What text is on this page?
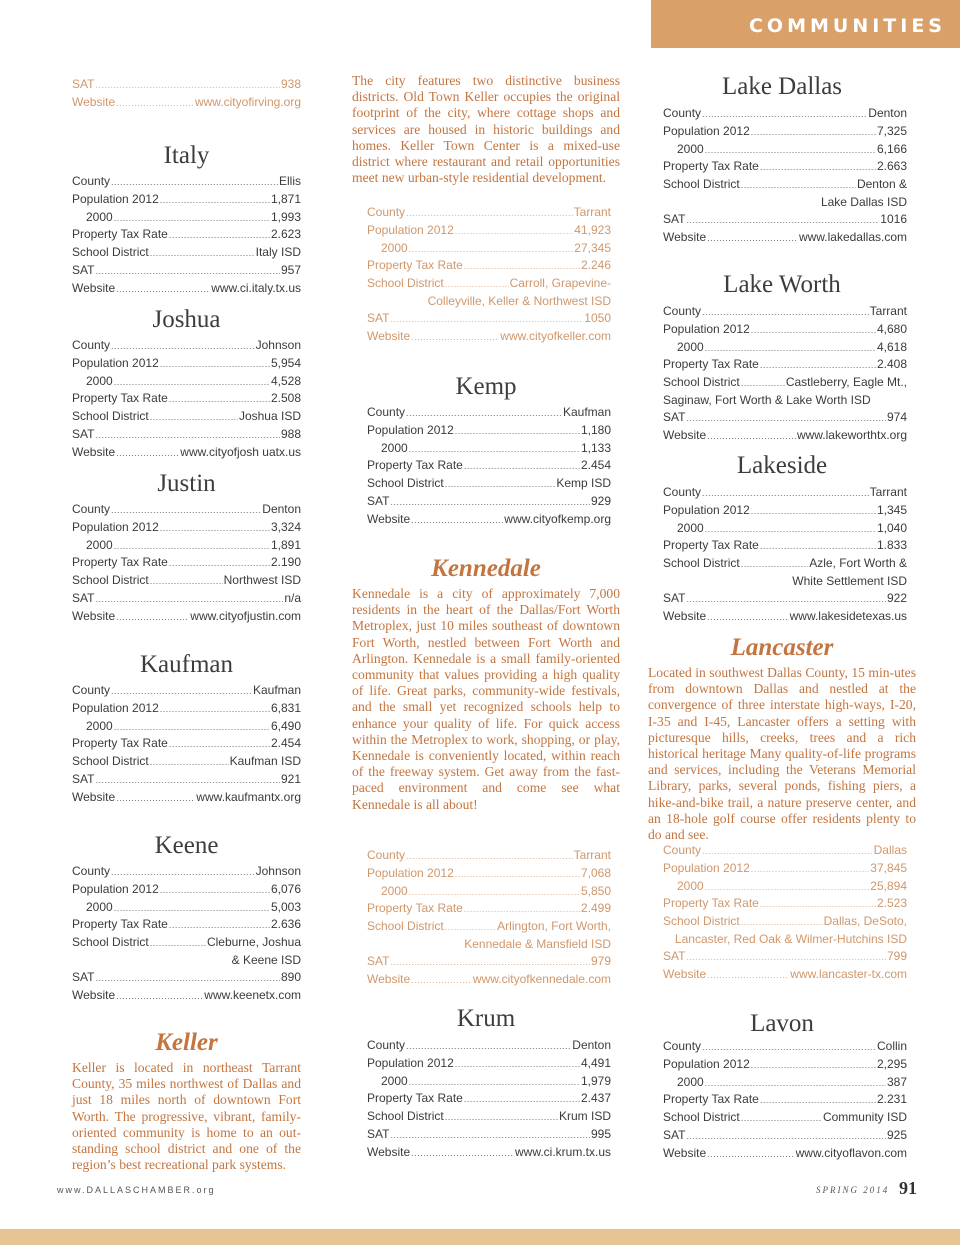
COMMUNITIES
SAT .....	938
Website .....	www.cityofirving.org
Italy
County .....	Ellis
Population 2012 .....	1,871
2000 .....	1,993
Property Tax Rate .....	2.623
School District .....	Italy ISD
SAT .....	957
Website .....	www.ci.italy.tx.us
Joshua
County .....	Johnson
Population 2012 .....	5,954
2000 .....	4,528
Property Tax Rate .....	2.508
School District .....	Joshua ISD
SAT .....	988
Website .....	www.cityofjosh uatx.us
Justin
County .....	Denton
Population 2012 .....	3,324
2000 .....	1,891
Property Tax Rate .....	2.190
School District .....	Northwest ISD
SAT .....	n/a
Website .....	www.cityofjustin.com
Kaufman
County .....	Kaufman
Population 2012 .....	6,831
2000 .....	6,490
Property Tax Rate .....	2.454
School District .....	Kaufman ISD
SAT .....	921
Website .....	www.kaufmantx.org
Keene
County .....	Johnson
Population 2012 .....	6,076
2000 .....	5,003
Property Tax Rate .....	2.636
School District .....	Cleburne, Joshua
& Keene ISD
SAT .....	890
Website .....	www.keenetx.com
Keller
Keller is located in northeast Tarrant County, 35 miles northwest of Dallas and just 18 miles north of downtown Fort Worth. The progressive, vibrant, family-oriented community is home to an out-standing school district and one of the region’s best recreational park systems.
The city features two distinctive business districts. Old Town Keller occupies the original footprint of the city, where cottage shops and services are housed in historic buildings and homes. Keller Town Center is a mixed-use district where restaurant and retail opportunities meet new urban-style residential development.
County .....	Tarrant
Population 2012 .....	41,923
2000 .....	27,345
Property Tax Rate .....	2.246
School District .....	Carroll, Grapevine-
Colleyville, Keller & Northwest ISD
SAT .....	1050
Website .....	www.cityofkeller.com
Kemp
County .....	Kaufman
Population 2012 .....	1,180
2000 .....	1,133
Property Tax Rate .....	2.454
School District .....	Kemp ISD
SAT .....	929
Website .....	www.cityofkemp.org
Kennedale
Kennedale is a city of approximately 7,000 residents in the heart of the Dallas/Fort Worth Metroplex, just 10 miles southeast of downtown Fort Worth, nestled between Fort Worth and Arlington. Kennedale is a small family-oriented community that values providing a high quality of life. Great parks, community-wide festivals, and the small yet recognized schools help to enhance your quality of life. For quick access within the Metroplex to work, shopping, or play, Kennedale is conveniently located, within reach of the freeway system. Get away from the fast-paced environment and come see what Kennedale is all about!
County .....	Tarrant
Population 2012 .....	7,068
2000 .....	5,850
Property Tax Rate .....	2.499
School District .....	Arlington, Fort Worth,
Kennedale & Mansfield ISD
SAT .....	979
Website .....	www.cityofkennedale.com
Krum
County .....	Denton
Population 2012 .....	4,491
2000 .....	1,979
Property Tax Rate .....	2.437
School District .....	Krum ISD
SAT .....	995
Website .....	www.ci.krum.tx.us
Lake Dallas
County .....	Denton
Population 2012 .....	7,325
2000 .....	6,166
Property Tax Rate .....	2.663
School District .....	Denton &
Lake Dallas ISD
SAT .....	1016
Website .....	www.lakedallas.com
Lake Worth
County .....	Tarrant
Population 2012 .....	4,680
2000 .....	4,618
Property Tax Rate .....	2.408
School District .....	Castleberry, Eagle Mt.,
Saginaw, Fort Worth & Lake Worth ISD
SAT .....	974
Website .....	www.lakeworthtx.org
Lakeside
County .....	Tarrant
Population 2012 .....	1,345
2000 .....	1,040
Property Tax Rate .....	1.833
School District .....	Azle, Fort Worth &
White Settlement ISD
SAT .....	922
Website .....	www.lakesidetexas.us
Lancaster
Located in southwest Dallas County, 15 min-utes from downtown Dallas and nestled at the convergence of three interstate high-ways, I-20, I-35 and I-45, Lancaster offers a setting with picturesque hills, creeks, trees and a rich historical heritage Many quality-of-life programs and services, including the Veterans Memorial Library, parks, several ponds, fishing piers, a hike-and-bike trail, a nature preserve center, and an 18-hole golf course offer residents plenty to do and see.
County .....	Dallas
Population 2012 .....	37,845
2000 .....	25,894
Property Tax Rate .....	2.523
School District .....	Dallas, DeSoto,
Lancaster, Red Oak & Wilmer-Hutchins ISD
SAT .....	799
Website .....	www.lancaster-tx.com
Lavon
County .....	Collin
Population 2012 .....	2,295
2000 .....	387
Property Tax Rate .....	2.231
School District .....	Community ISD
SAT .....	925
Website .....	www.cityoflavon.com
www.DALLASCHAMBER.org	SPRING 2014 91
